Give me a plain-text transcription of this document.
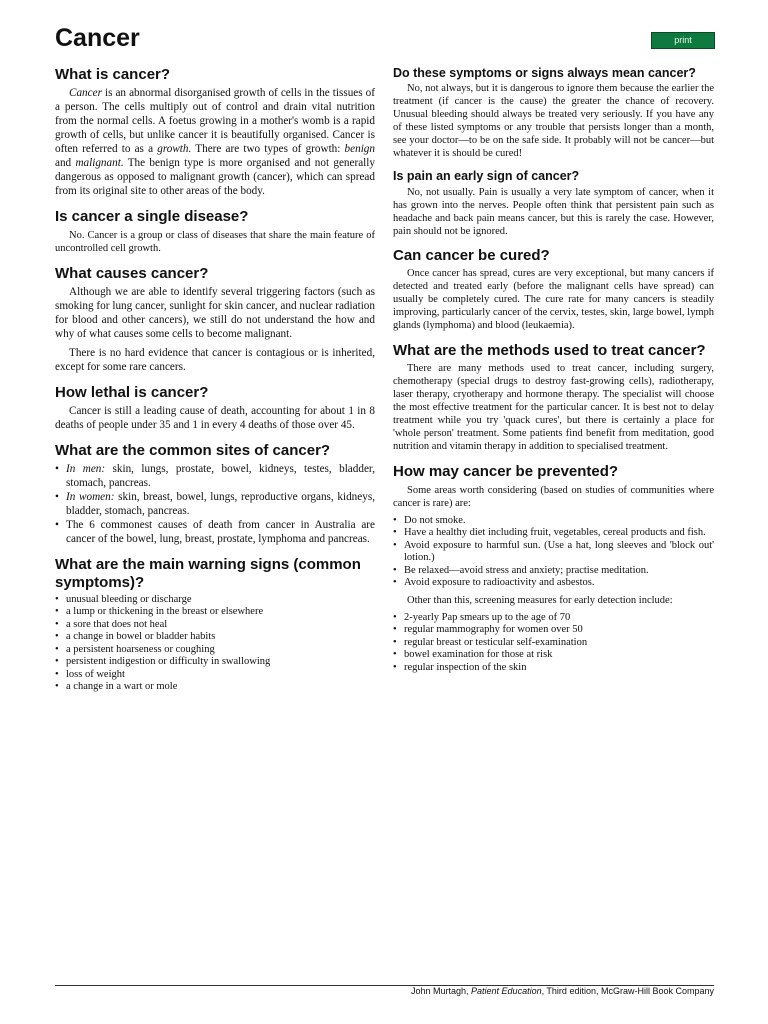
Cancer	print
What is cancer?

Cancer is an abnormal disorganised growth of cells in the tissues of a person. The cells multiply out of control and drain vital nutrition from the normal cells. A foetus growing in a mother's womb is a rapid growth of cells, but unlike cancer it is beautifully organised. Cancer is often referred to as a growth. There are two types of growth: benign and malignant. The benign type is more organised and not generally dangerous as opposed to malignant growth (cancer), which can spread from its original site to other areas of the body.

Is cancer a single disease?

No. Cancer is a group or class of diseases that share the main feature of uncontrolled cell growth.

What causes cancer?

Although we are able to identify several triggering factors (such as smoking for lung cancer, sunlight for skin cancer, and nuclear radiation for blood and other cancers), we still do not understand the how and why of what causes some cells to become malignant.

There is no hard evidence that cancer is contagious or is inherited, except for some rare cancers.

How lethal is cancer?

Cancer is still a leading cause of death, accounting for about 1 in 8 deaths of people under 35 and 1 in every 4 deaths of those over 45.

What are the common sites of cancer?
• In men: skin, lungs, prostate, bowel, kidneys, testes, bladder, stomach, pancreas.
• In women: skin, breast, bowel, lungs, reproductive organs, kidneys, bladder, stomach, pancreas.
• The 6 commonest causes of death from cancer in Australia are cancer of the bowel, lung, breast, prostate, lymphoma and pancreas.
What are the main warning signs (common symptoms)?
• unusual bleeding or discharge
• a lump or thickening in the breast or elsewhere
• a sore that does not heal
• a change in bowel or bladder habits
• a persistent hoarseness or coughing
• persistent indigestion or difficulty in swallowing
• loss of weight
• a change in a wart or mole
Do these symptoms or signs always mean cancer?

No, not always, but it is dangerous to ignore them because the earlier the treatment (if cancer is the cause) the greater the chance of recovery. Unusual bleeding should always be treated very seriously. If you have any of these listed symptoms or any trouble that persists longer than a month, see your doctor—to be on the safe side. It probably will not be cancer—but whatever it is should be cured!

Is pain an early sign of cancer?

No, not usually. Pain is usually a very late symptom of cancer, when it has grown into the nerves. People often think that persistent pain such as headache and back pain means cancer, but this is rarely the case. However, pain should not be ignored.

Can cancer be cured?

Once cancer has spread, cures are very exceptional, but many cancers if detected and treated early (before the malignant cells have spread) can usually be completely cured. The cure rate for many cancers is steadily improving, particularly cancer of the cervix, testes, skin, large bowel, lymph glands (lymphoma) and blood (leukaemia).

What are the methods used to treat cancer?

There are many methods used to treat cancer, including surgery, chemotherapy (special drugs to destroy fast-growing cells), radiotherapy, laser therapy, cryotherapy and hormone therapy. The specialist will choose the most effective treatment for the particular cancer. It is best not to delay treatment while you try 'quack cures', but there is certainly a place for 'whole person' treatment. Some patients find benefit from meditation, good nutrition and vitamin therapy in addition to specialised treatment.

How may cancer be prevented?

Some areas worth considering (based on studies of communities where cancer is rare) are:

• Do not smoke.
• Have a healthy diet including fruit, vegetables, cereal products and fish.
• Avoid exposure to harmful sun. (Use a hat, long sleeves and 'block out' lotion.)
• Be relaxed—avoid stress and anxiety; practise meditation.
• Avoid exposure to radioactivity and asbestos.

Other than this, screening measures for early detection include:

• 2-yearly Pap smears up to the age of 70
• regular mammography for women over 50
• regular breast or testicular self-examination
• bowel examination for those at risk
• regular inspection of the skin
John Murtagh, Patient Education, Third edition, McGraw-Hill Book Company
